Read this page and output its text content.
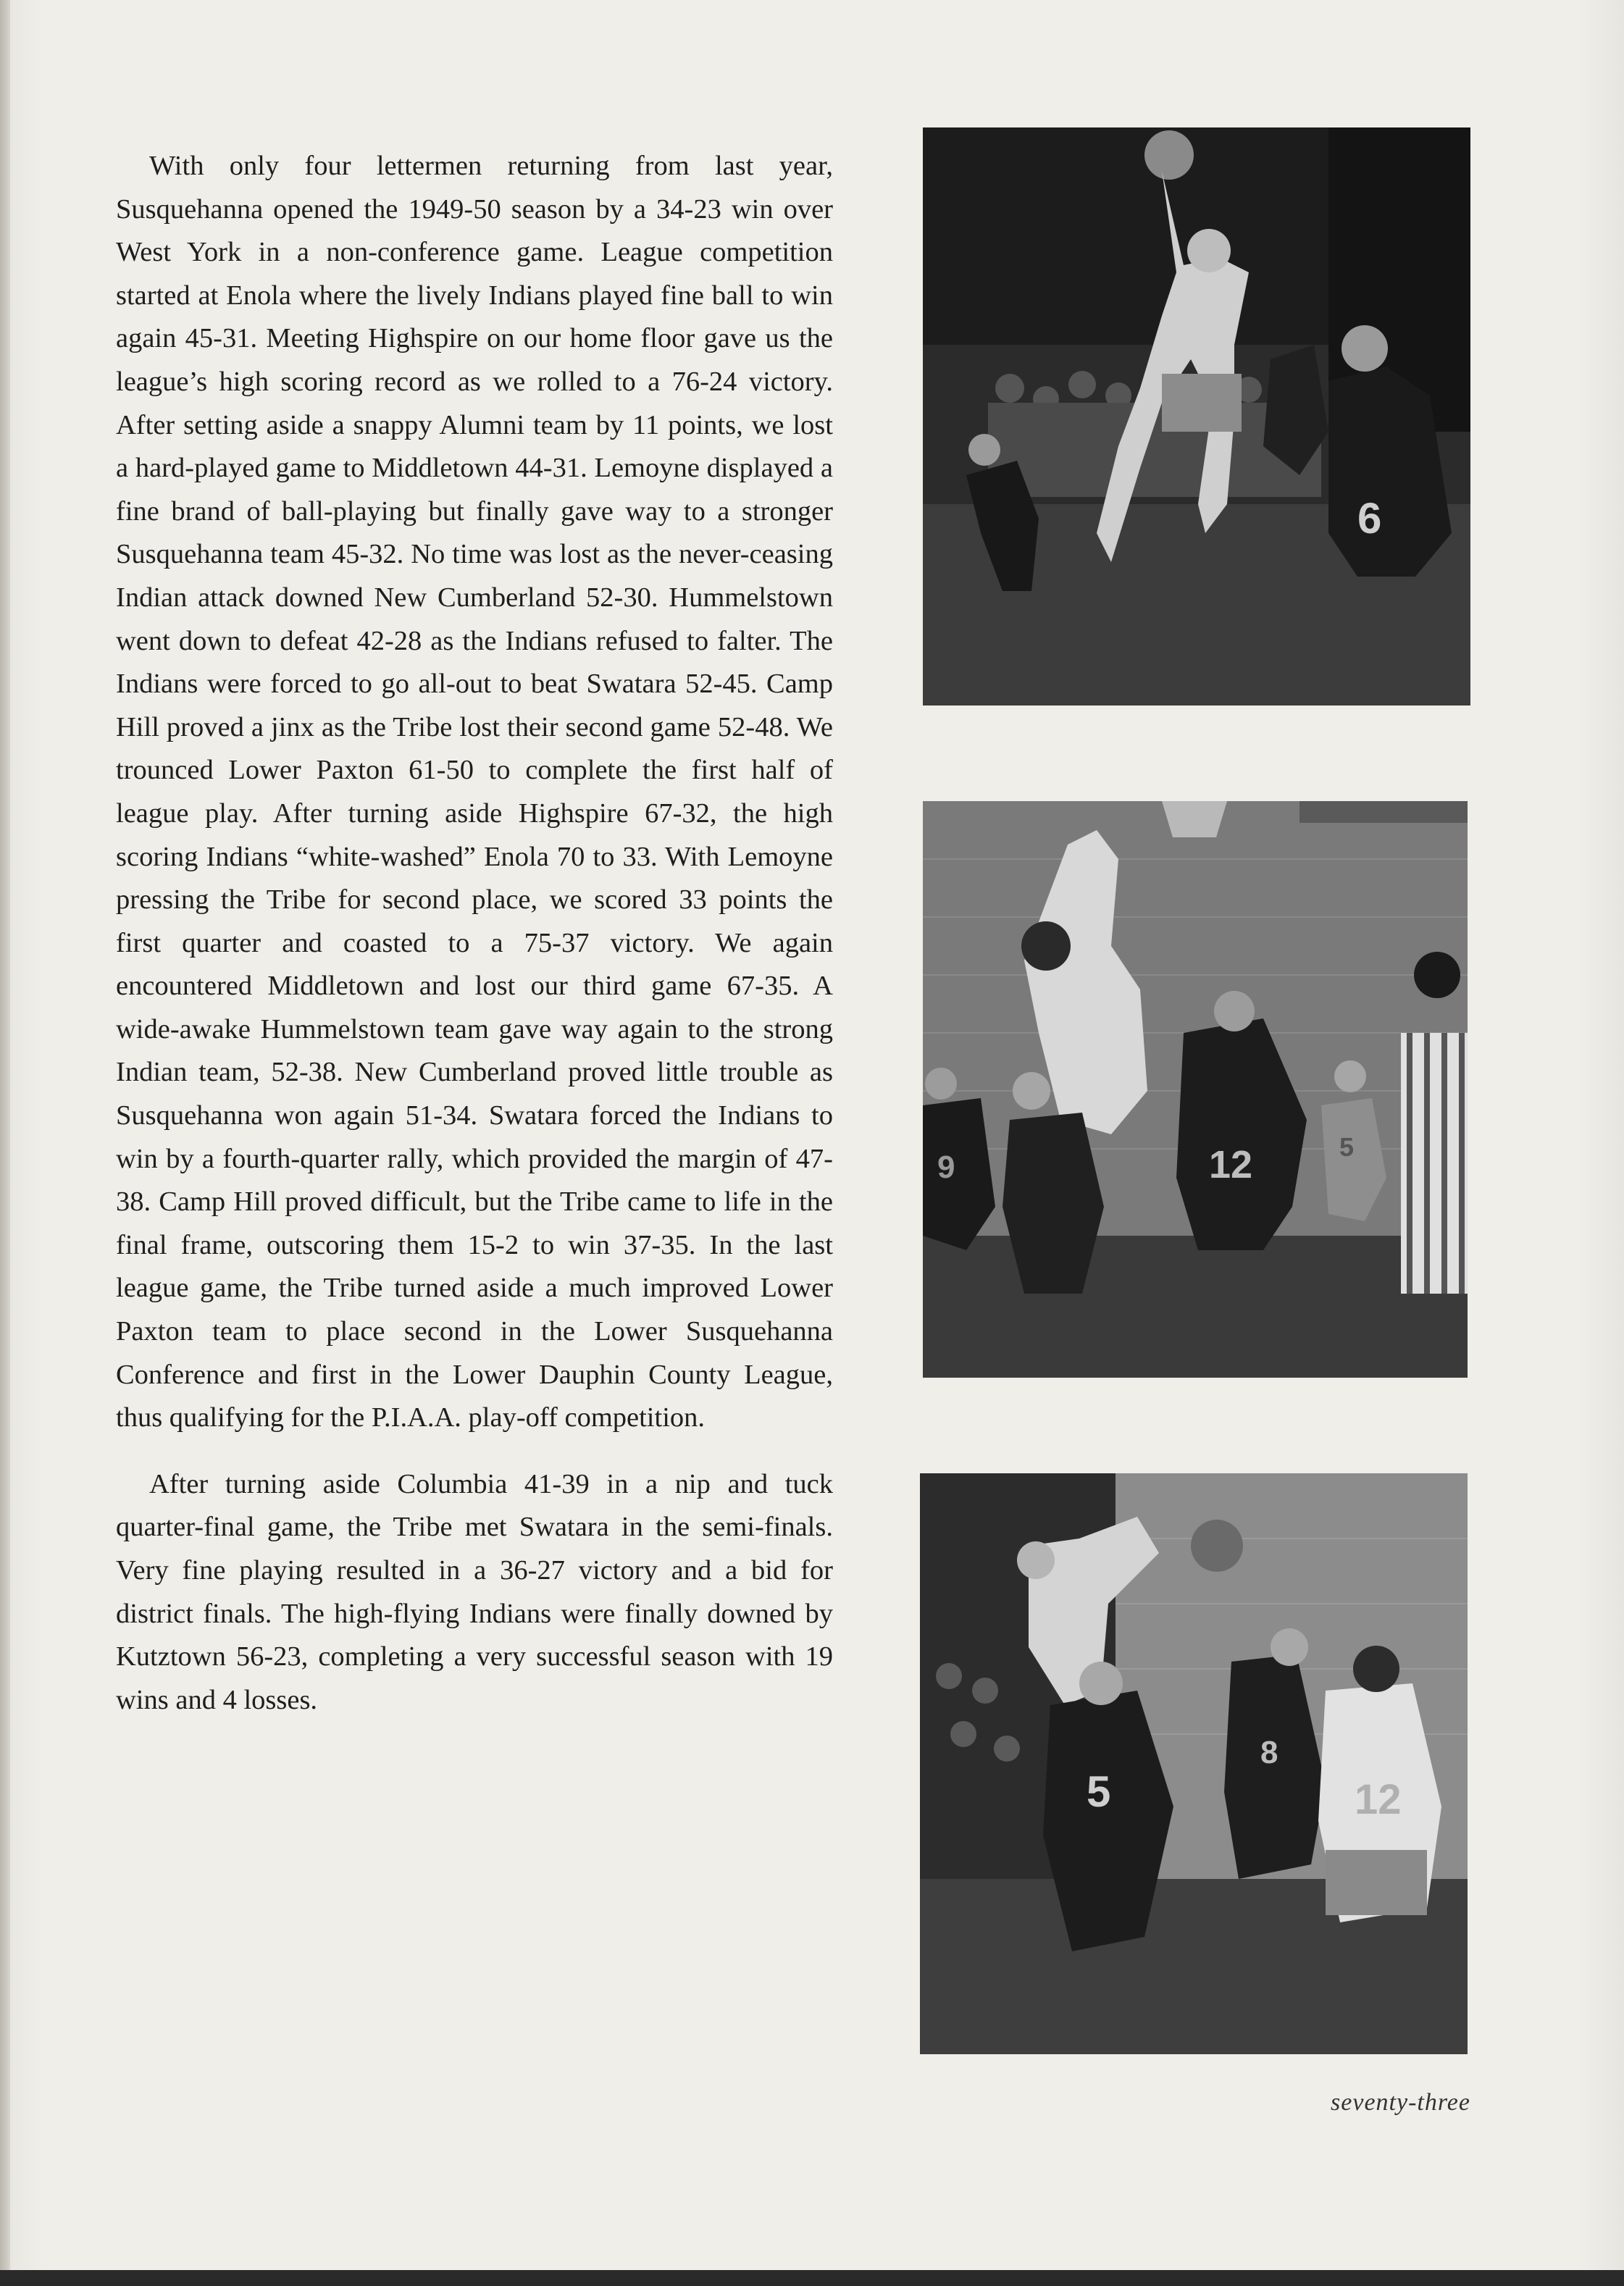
With only four lettermen returning from last year, Susquehanna opened the 1949-50 season by a 34-23 win over West York in a non-conference game. League competition started at Enola where the lively Indians played fine ball to win again 45-31. Meeting Highspire on our home floor gave us the league’s high scoring record as we rolled to a 76-24 victory. After setting aside a snappy Alumni team by 11 points, we lost a hard-played game to Middletown 44-31. Lemoyne displayed a fine brand of ball-playing but finally gave way to a stronger Susquehanna team 45-32. No time was lost as the never-ceasing Indian attack downed New Cumberland 52-30. Hummelstown went down to defeat 42-28 as the Indians refused to falter. The Indians were forced to go all-out to beat Swatara 52-45. Camp Hill proved a jinx as the Tribe lost their second game 52-48. We trounced Lower Paxton 61-50 to complete the first half of league play. After turning aside Highspire 67-32, the high scoring Indians “white-washed” Enola 70 to 33. With Lemoyne pressing the Tribe for second place, we scored 33 points the first quarter and coasted to a 75-37 victory. We again encountered Middletown and lost our third game 67-35. A wide-awake Hummelstown team gave way again to the strong Indian team, 52-38. New Cumberland proved little trouble as Susquehanna won again 51-34. Swatara forced the Indians to win by a fourth-quarter rally, which provided the margin of 47-38. Camp Hill proved difficult, but the Tribe came to life in the final frame, outscoring them 15-2 to win 37-35. In the last league game, the Tribe turned aside a much improved Lower Paxton team to place second in the Lower Susquehanna Conference and first in the Lower Dauphin County League, thus qualifying for the P.I.A.A. play-off competition.

After turning aside Columbia 41-39 in a nip and tuck quarter-final game, the Tribe met Swatara in the semi-finals. Very fine playing resulted in a 36-27 victory and a bid for district finals. The high-flying Indians were finally downed by Kutztown 56-23, completing a very successful season with 19 wins and 4 losses.

6
12
9
5
5
8
12
seventy-three
